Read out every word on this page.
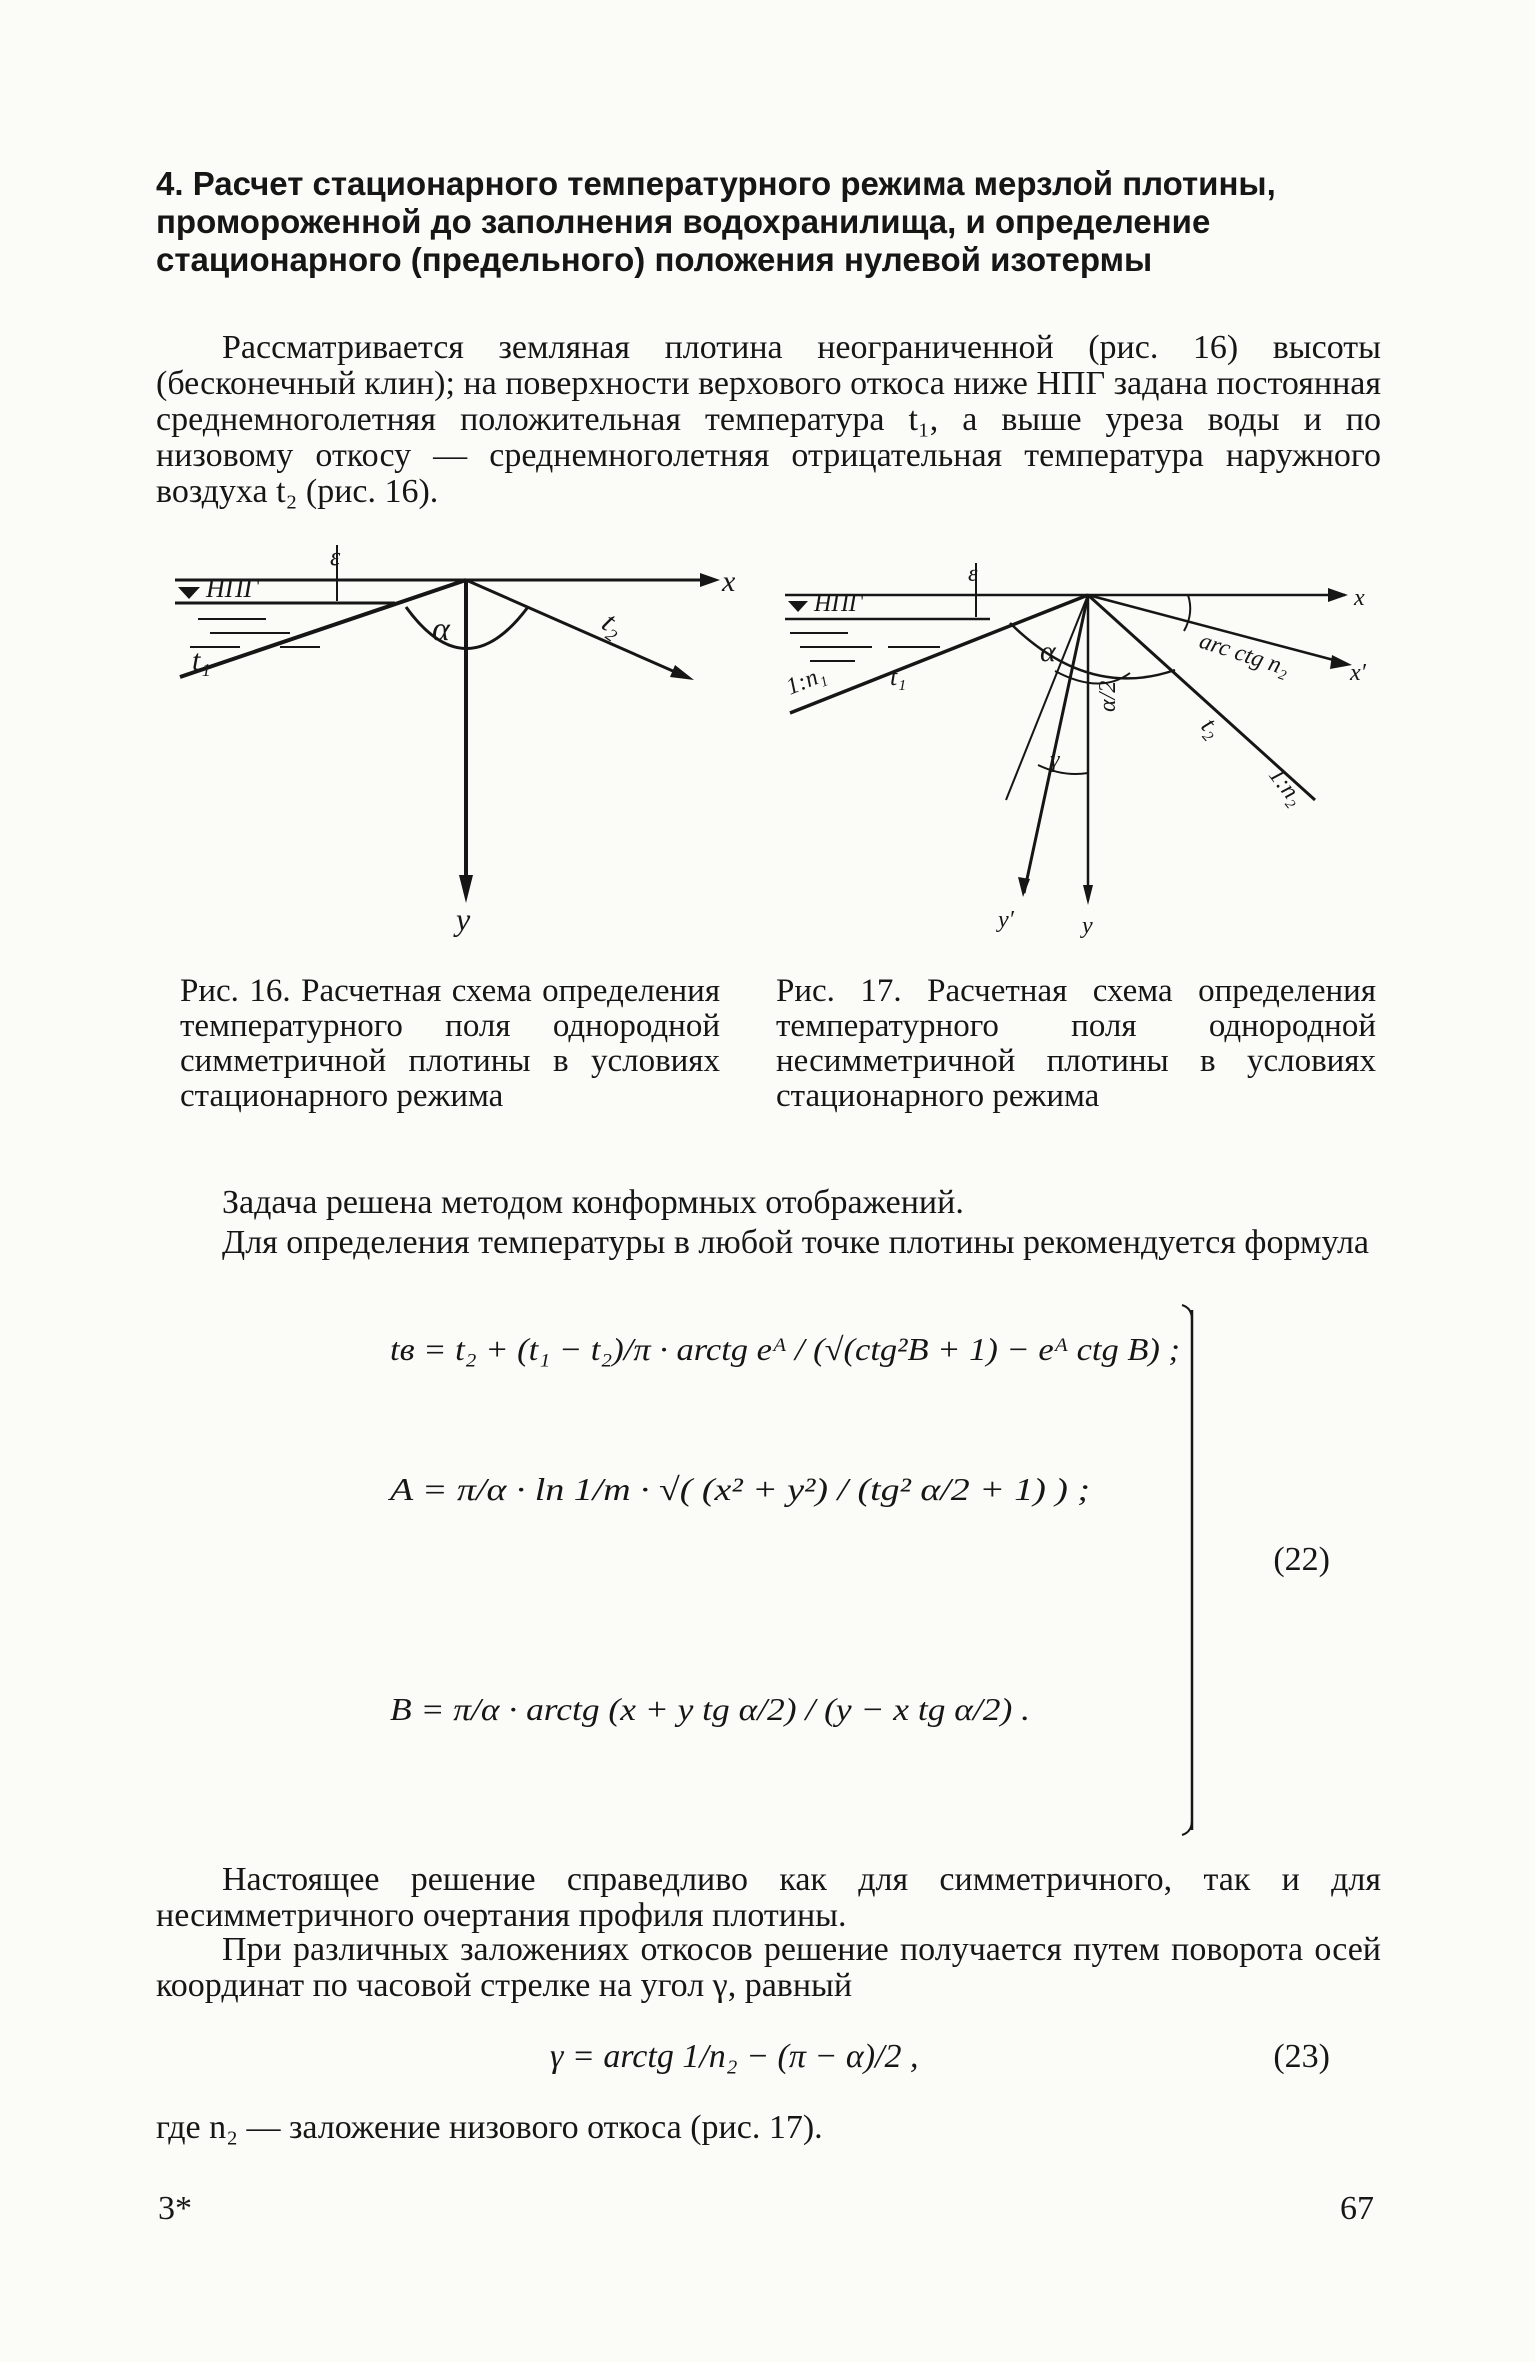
4. Расчет стационарного температурного режима мерзлой плотины, промороженной до заполнения водохранилища, и определение стационарного (предельного) положения нулевой изотермы
Рассматривается земляная плотина неограниченной (рис. 16) высоты (бесконечный клин); на поверхности верхового откоса ниже НПГ задана постоянная среднемноголетняя положительная температура t₁, а выше уреза воды и по низовому откосу — среднемноголетняя отрицательная температура наружного воздуха t₂ (рис. 16).
НПГ
ε
x
y
α
t₁
t₂
НПГ
ε
x
x′
y
y′
α
α/2
γ
t₁
t₂
arc ctg n₂
1:n₁
1:n₂
Рис. 16. Расчетная схема определения температурного поля однородной симметричной плотины в условиях стационарного режима
Рис. 17. Расчетная схема определения температурного поля однородной несимметричной плотины в условиях стационарного режима
Задача решена методом конформных отображений.
Для определения температуры в любой точке плотины рекомендуется формула
tв = t₂ + (t₁ − t₂)/π · arctg eᴬ / (√(ctg²B + 1) − eᴬ ctg B) ;
A = π/α · ln 1/m · √( (x² + y²) / (tg² α/2 + 1) ) ;
B = π/α · arctg (x + y tg α/2) / (y − x tg α/2) .
(22)
Настоящее решение справедливо как для симметричного, так и для несимметричного очертания профиля плотины.
При различных заложениях откосов решение получается путем поворота осей координат по часовой стрелке на угол γ, равный
γ = arctg 1/n₂ − (π − α)/2 ,	(23)
где n₂ — заложение низового откоса (рис. 17).
3*	67
